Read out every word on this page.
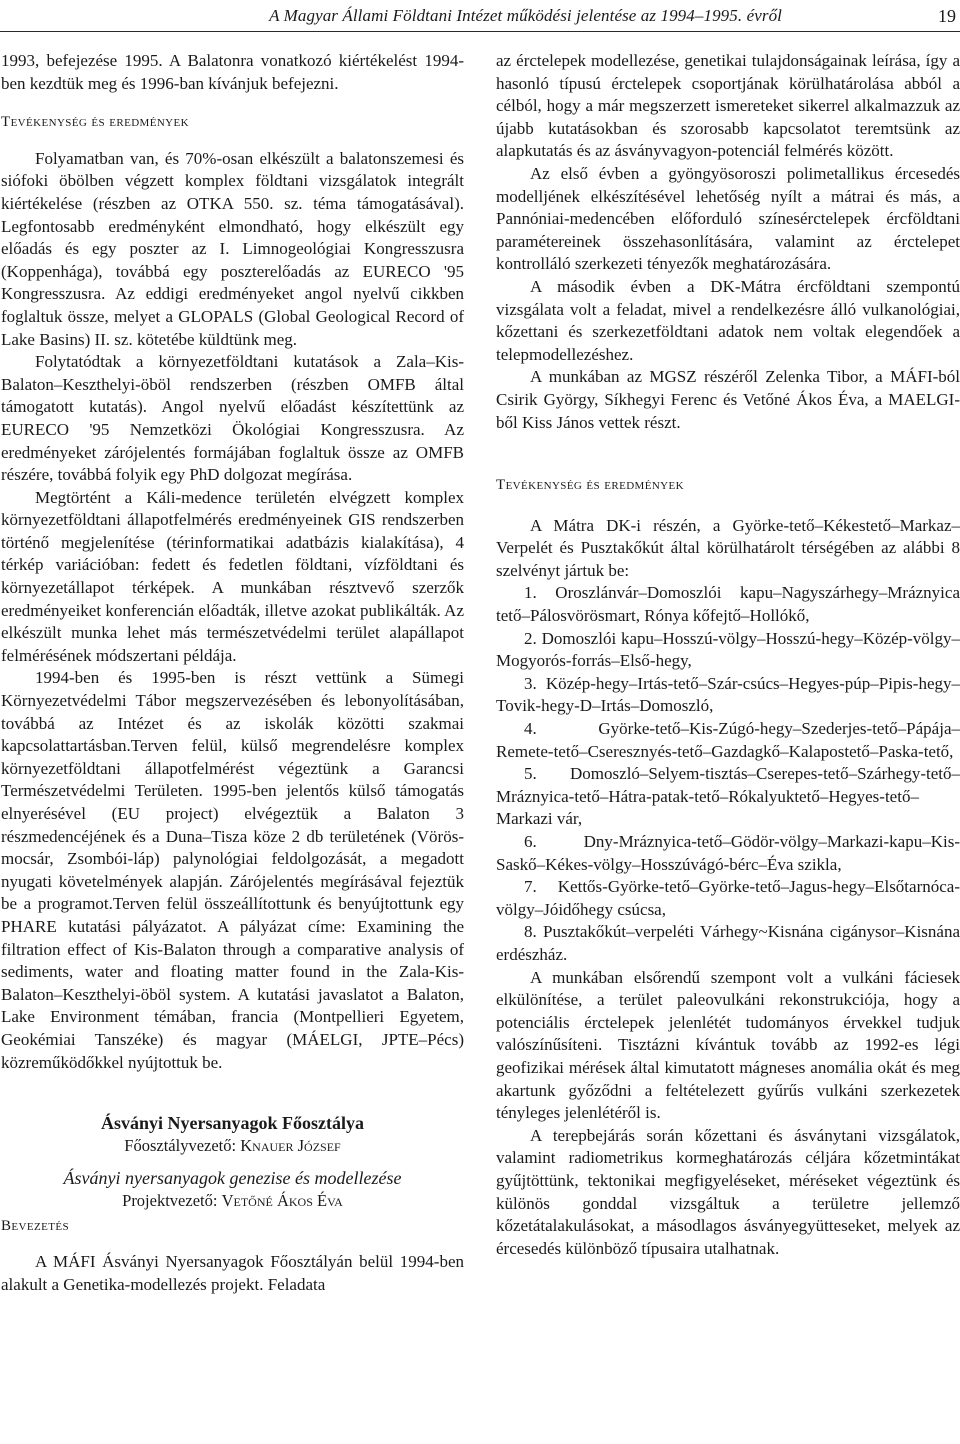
A Magyar Állami Földtani Intézet működési jelentése az 1994–1995. évről	19

1993, befejezése 1995. A Balatonra vonatkozó kiértékelést 1994-ben kezdtük meg és 1996-ban kívánjuk befejezni.

Tevékenység és eredmények

Folyamatban van, és 70%-osan elkészült a balatonszemesi és siófoki öbölben végzett komplex földtani vizsgálatok integrált kiértékelése (részben az OTKA 550. sz. téma támogatásával). Legfontosabb eredményként elmondható, hogy elkészült egy előadás és egy poszter az I. Limnogeológiai Kongresszusra (Koppenhága), továbbá egy poszterelőadás az EURECO '95 Kongresszusra. Az eddigi eredményeket angol nyelvű cikkben foglaltuk össze, melyet a GLOPALS (Global Geological Record of Lake Basins) II. sz. kötetébe küldtünk meg.

Folytatódtak a környezetföldtani kutatások a Zala–Kis-Balaton–Keszthelyi-öböl rendszerben (részben OMFB által támogatott kutatás). Angol nyelvű előadást készítettünk az EURECO '95 Nemzetközi Ökológiai Kongresszusra. Az eredményeket zárójelentés formájában foglaltuk össze az OMFB részére, továbbá folyik egy PhD dolgozat megírása.

Megtörtént a Káli-medence területén elvégzett komplex környezetföldtani állapotfelmérés eredményeinek GIS rendszerben történő megjelenítése (térinformatikai adatbázis kialakítása), 4 térkép variációban: fedett és fedetlen földtani, vízföldtani és környezetállapot térképek. A munkában résztvevő szerzők eredményeiket konferencián előadták, illetve azokat publikálták. Az elkészült munka lehet más természetvédelmi terület alapállapot felmérésének módszertani példája.

1994-ben és 1995-ben is részt vettünk a Sümegi Környezetvédelmi Tábor megszervezésében és lebonyolításában, továbbá az Intézet és az iskolák közötti szakmai kapcsolattartásban.Terven felül, külső megrendelésre komplex környezetföldtani állapotfelmérést végeztünk a Garancsi Természetvédelmi Területen. 1995-ben jelentős külső támogatás elnyerésével (EU project) elvégeztük a Balaton 3 részmedencéjének és a Duna–Tisza köze 2 db területének (Vörös-mocsár, Zsombói-láp) palynológiai feldolgozását, a megadott nyugati követelmények alapján. Zárójelentés megírásával fejeztük be a programot.Terven felül összeállítottunk és benyújtottunk egy PHARE kutatási pályázatot. A pályázat címe: Examining the filtration effect of Kis-Balaton through a comparative analysis of sediments, water and floating matter found in the Zala-Kis-Balaton–Keszthelyi-öböl system. A kutatási javaslatot a Balaton, Lake Environment témában, francia (Montpellieri Egyetem, Geokémiai Tanszéke) és magyar (MÁELGI, JPTE–Pécs) közreműködőkkel nyújtottuk be.

Ásványi Nyersanyagok Főosztálya
Főosztályvezető: Knauer József
Ásványi nyersanyagok genezise és modellezése
Projektvezető: Vetőné Ákos Éva

Bevezetés

A MÁFI Ásványi Nyersanyagok Főosztályán belül 1994-ben alakult a Genetika-modellezés projekt. Feladata

az érctelepek modellezése, genetikai tulajdonságainak leírása, így a hasonló típusú érctelepek csoportjának körülhatárolása abból a célból, hogy a már megszerzett ismereteket sikerrel alkalmazzuk az újabb kutatásokban és szorosabb kapcsolatot teremtsünk az alapkutatás és az ásványvagyon-potenciál felmérés között.

Az első évben a gyöngyösoroszi polimetallikus ércesedés modelljének elkészítésével lehetőség nyílt a mátrai és más, a Pannóniai-medencében előforduló színesérctelepek ércföldtani paramétereinek összehasonlítására, valamint az érctelepet kontrolláló szerkezeti tényezők meghatározására.

A második évben a DK-Mátra ércföldtani szempontú vizsgálata volt a feladat, mivel a rendelkezésre álló vulkanológiai, kőzettani és szerkezetföldtani adatok nem voltak elegendőek a telepmodellezéshez.

A munkában az MGSZ részéről Zelenka Tibor, a MÁFI-ból Csirik György, Síkhegyi Ferenc és Vetőné Ákos Éva, a MAELGI-ből Kiss János vettek részt.

Tevékenység és eredmények

A Mátra DK-i részén, a Györke-tető–Kékestető–Markaz–Verpelét és Pusztakőkút által körülhatárolt térségében az alábbi 8 szelvényt jártuk be:

1. Oroszlánvár–Domoszlói kapu–Nagyszárhegy–Mráznyica tető–Pálosvörösmart, Rónya kőfejtő–Hollókő,
2. Domoszlói kapu–Hosszú-völgy–Hosszú-hegy–Közép-völgy–Mogyorós-forrás–Első-hegy,
3. Közép-hegy–Irtás-tető–Szár-csúcs–Hegyes-púp–Pipis-hegy–Tovik-hegy-D–Irtás–Domoszló,
4. Györke-tető–Kis-Zúgó-hegy–Szederjes-tető–Pápája–Remete-tető–Cseresznyés-tető–Gazdagkő–Kalapostető–Paska-tető,
5. Domoszló–Selyem-tisztás–Cserepes-tető–Szárhegy-tető–Mráznyica-tető–Hátra-patak-tető–Rókalyuktető–Hegyes-tető–Markazi vár,
6. Dny-Mráznyica-tető–Gödör-völgy–Markazi-kapu–Kis-Saskő–Kékes-völgy–Hosszúvágó-bérc–Éva szikla,
7. Kettős-Györke-tető–Györke-tető–Jagus-hegy–Elsőtarnóca-völgy–Jóidőhegy csúcsa,
8. Pusztakőkút–verpeléti Várhegy~Kisnána cigánysor–Kisnána erdészház.

A munkában elsőrendű szempont volt a vulkáni fáciesek elkülönítése, a terület paleovulkáni rekonstrukciója, hogy a potenciális érctelepek jelenlétét tudományos érvekkel tudjuk valószínűsíteni. Tisztázni kívántuk tovább az 1992-es légi geofizikai mérések által kimutatott mágneses anomália okát és meg akartunk győződni a feltételezett gyűrűs vulkáni szerkezetek tényleges jelenlétéről is.

A terepbejárás során kőzettani és ásványtani vizsgálatok, valamint radiometrikus kormeghatározás céljára kőzetmintákat gyűjtöttünk, tektonikai megfigyeléseket, méréseket végeztünk és különös gonddal vizsgáltuk a területre jellemző kőzetátalakulásokat, a másodlagos ásványegyütteseket, melyek az ércesedés különböző típusaira utalhatnak.
